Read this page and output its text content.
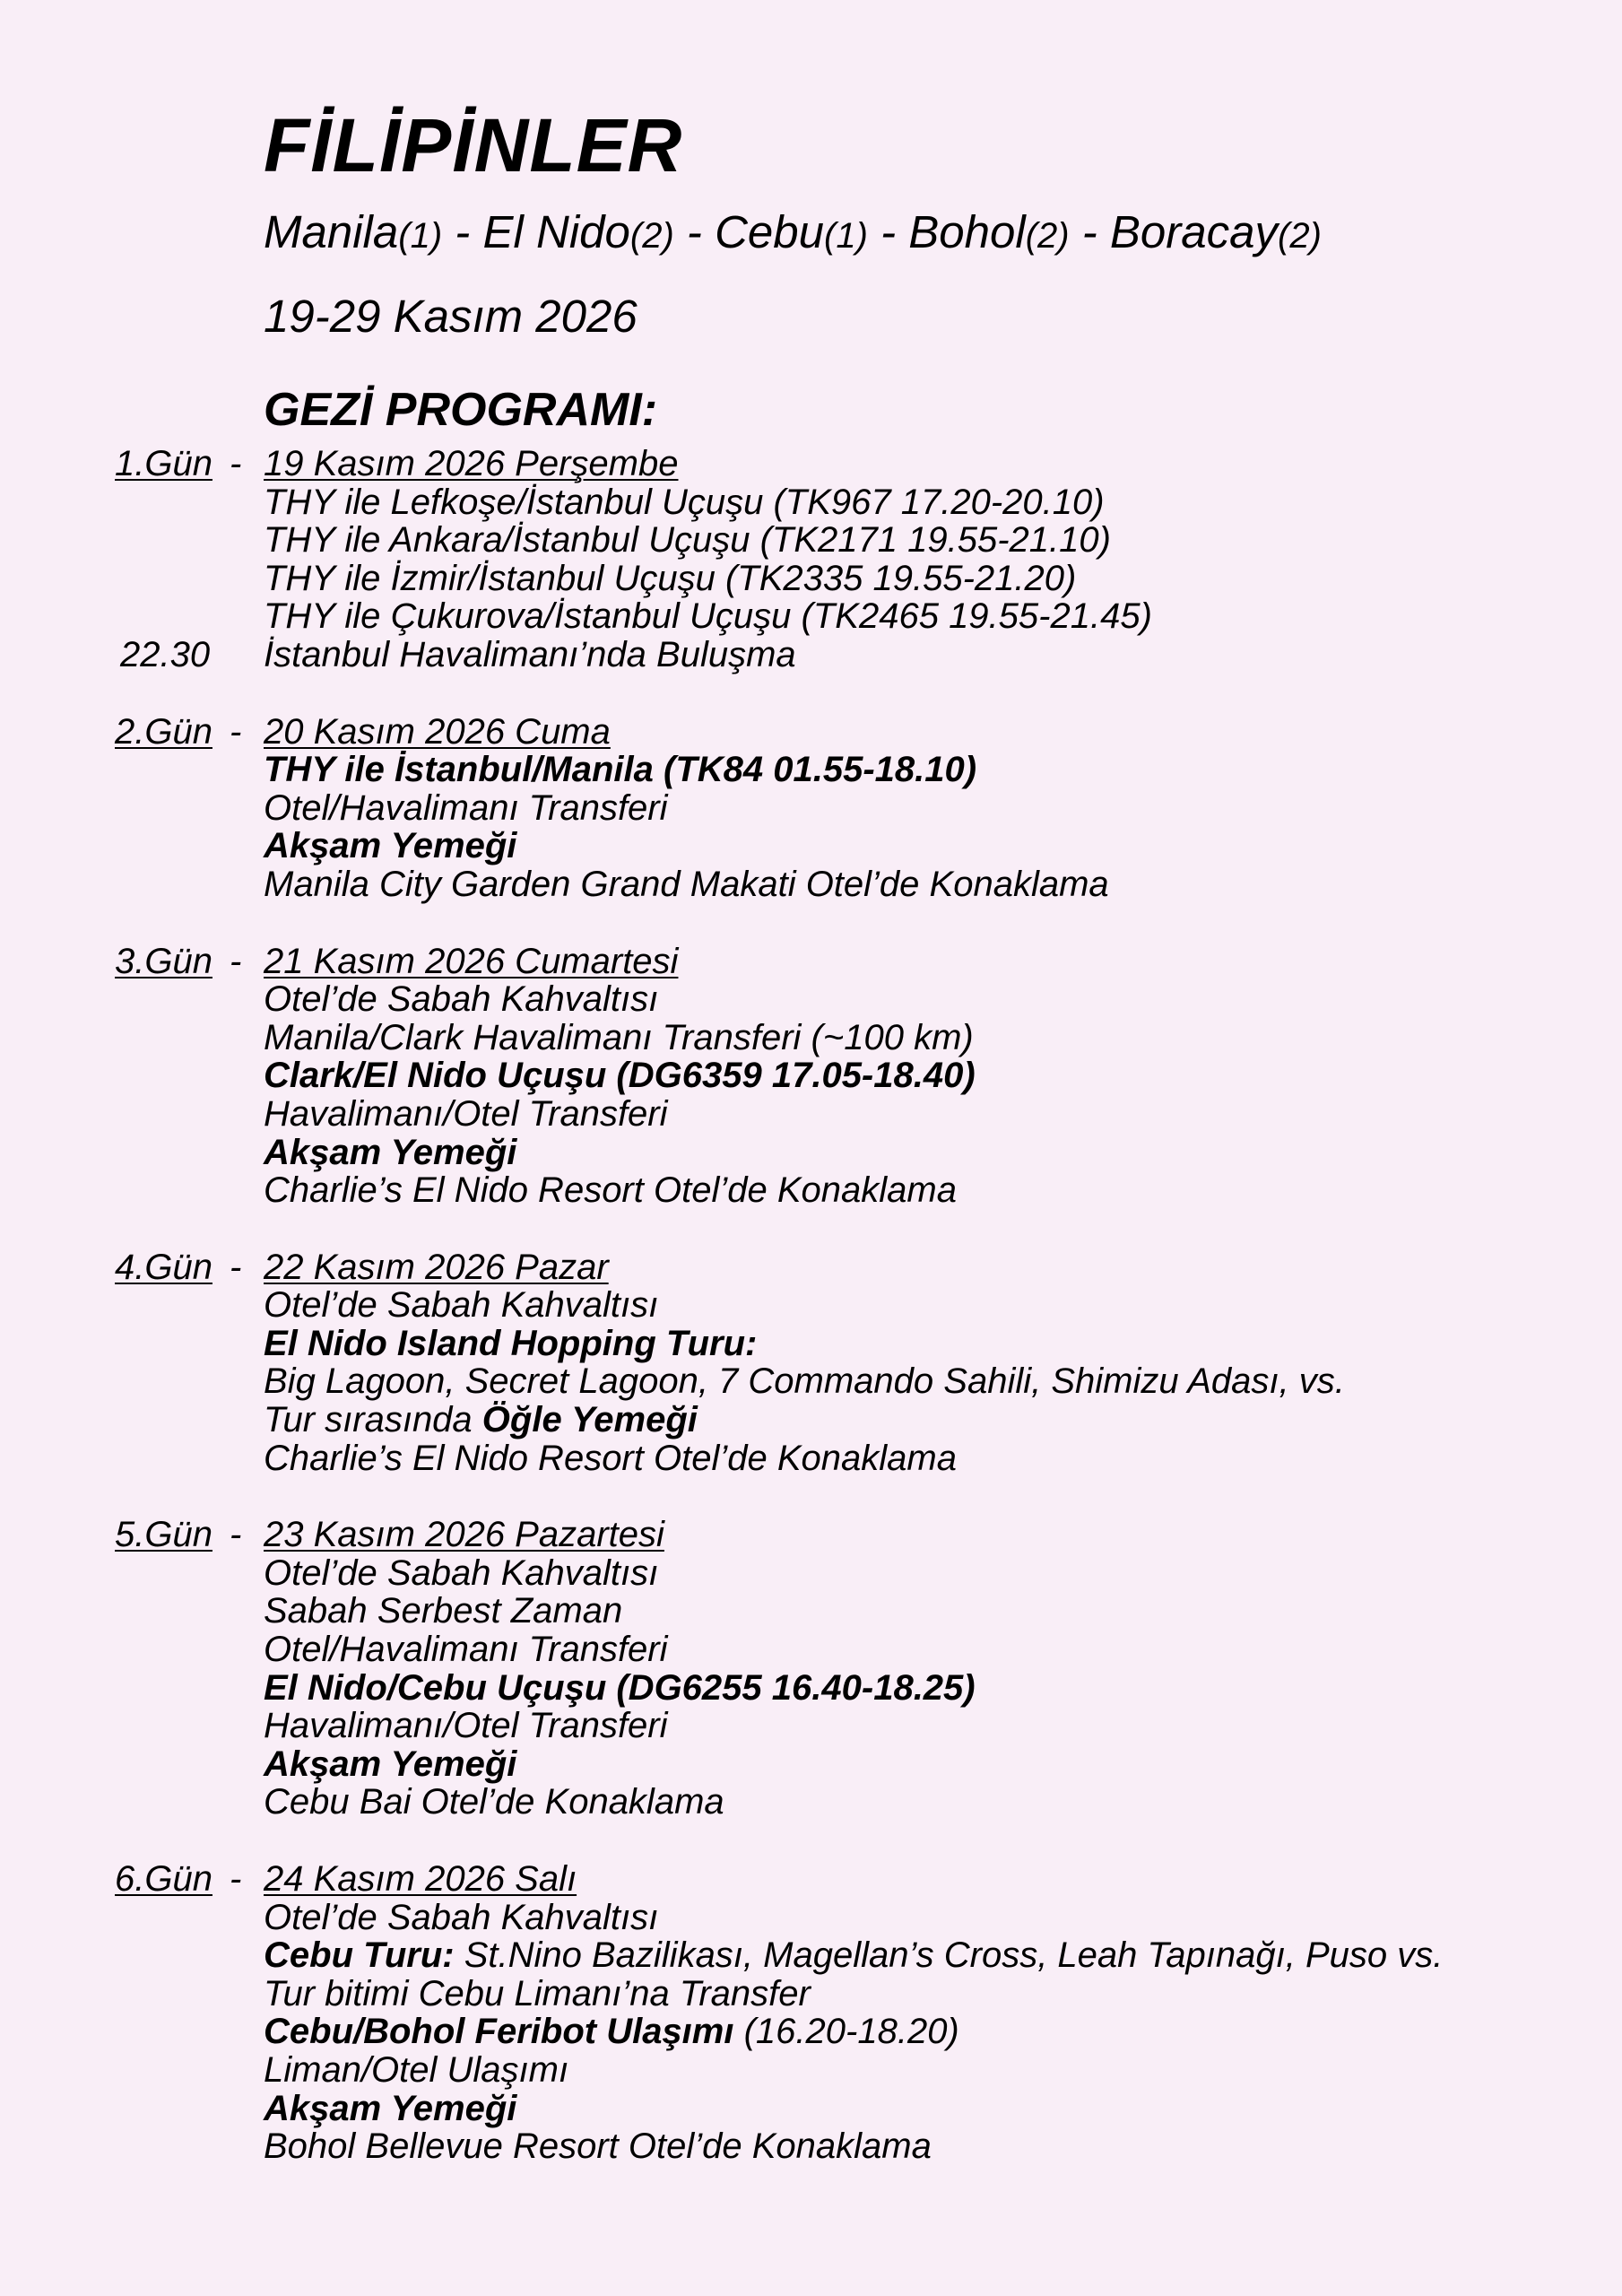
FİLİPİNLER
Manila(1) - El Nido(2) - Cebu(1) - Bohol(2) - Boracay(2)
19-29 Kasım 2026
GEZİ PROGRAMI:
1.Gün - 19 Kasım 2026 Perşembe
THY ile Lefkoşe/İstanbul Uçuşu (TK967 17.20-20.10)
THY ile Ankara/İstanbul Uçuşu (TK2171 19.55-21.10)
THY ile İzmir/İstanbul Uçuşu (TK2335 19.55-21.20)
THY ile Çukurova/İstanbul Uçuşu (TK2465 19.55-21.45)
22.30	İstanbul Havalimanı’nda Buluşma
2.Gün - 20 Kasım 2026 Cuma
THY ile İstanbul/Manila (TK84 01.55-18.10)
Otel/Havalimanı Transferi
Akşam Yemeği
Manila City Garden Grand Makati Otel’de Konaklama
3.Gün - 21 Kasım 2026 Cumartesi
Otel’de Sabah Kahvaltısı
Manila/Clark Havalimanı Transferi (~100 km)
Clark/El Nido Uçuşu (DG6359 17.05-18.40)
Havalimanı/Otel Transferi
Akşam Yemeği
Charlie’s El Nido Resort Otel’de Konaklama
4.Gün - 22 Kasım 2026 Pazar
Otel’de Sabah Kahvaltısı
El Nido Island Hopping Turu:
Big Lagoon, Secret Lagoon, 7 Commando Sahili, Shimizu Adası, vs.
Tur sırasında Öğle Yemeği
Charlie’s El Nido Resort Otel’de Konaklama
5.Gün - 23 Kasım 2026 Pazartesi
Otel’de Sabah Kahvaltısı
Sabah Serbest Zaman
Otel/Havalimanı Transferi
El Nido/Cebu Uçuşu (DG6255 16.40-18.25)
Havalimanı/Otel Transferi
Akşam Yemeği
Cebu Bai Otel’de Konaklama
6.Gün - 24 Kasım 2026 Salı
Otel’de Sabah Kahvaltısı
Cebu Turu: St.Nino Bazilikası, Magellan’s Cross, Leah Tapınağı, Puso vs.
Tur bitimi Cebu Limanı’na Transfer
Cebu/Bohol Feribot Ulaşımı (16.20-18.20)
Liman/Otel Ulaşımı
Akşam Yemeği
Bohol Bellevue Resort Otel’de Konaklama
